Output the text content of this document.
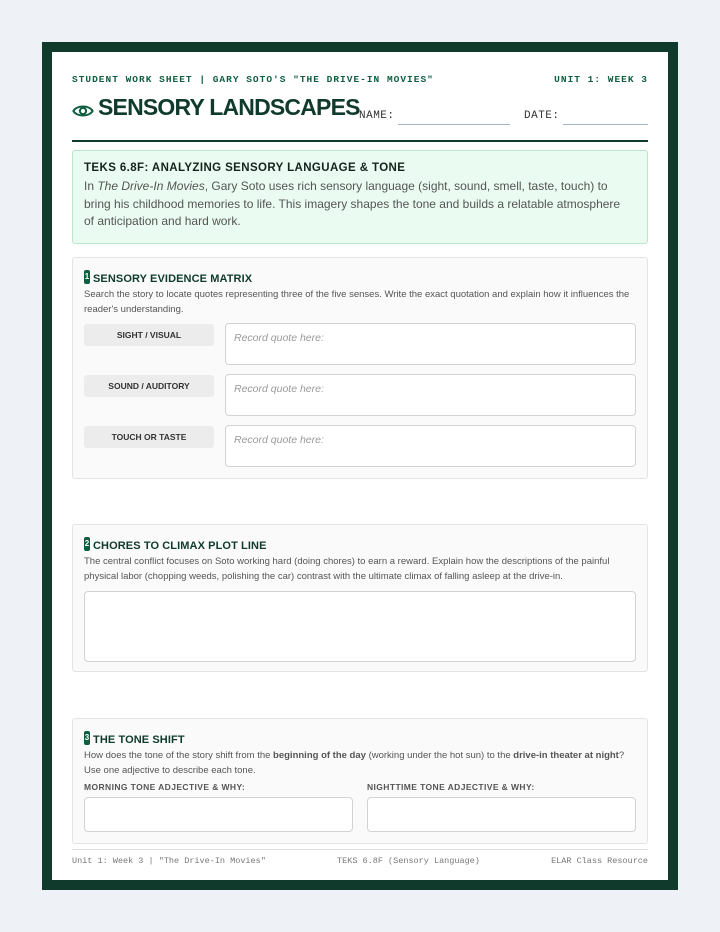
STUDENT WORK SHEET | GARY SOTO'S "THE DRIVE-IN MOVIES"	UNIT 1: WEEK 3
SENSORY LANDSCAPES NAME:	DATE:
TEKS 6.8F: ANALYZING SENSORY LANGUAGE & TONE
In The Drive-In Movies, Gary Soto uses rich sensory language (sight, sound, smell, taste, touch) to bring his childhood memories to life. This imagery shapes the tone and builds a relatable atmosphere of anticipation and hard work.
1 SENSORY EVIDENCE MATRIX
Search the story to locate quotes representing three of the five senses. Write the exact quotation and explain how it influences the reader's understanding.
SIGHT / VISUAL	Record quote here:
SOUND / AUDITORY	Record quote here:
TOUCH OR TASTE	Record quote here:
2 CHORES TO CLIMAX PLOT LINE
The central conflict focuses on Soto working hard (doing chores) to earn a reward. Explain how the descriptions of the painful physical labor (chopping weeds, polishing the car) contrast with the ultimate climax of falling asleep at the drive-in.
3 THE TONE SHIFT
How does the tone of the story shift from the beginning of the day (working under the hot sun) to the drive-in theater at night? Use one adjective to describe each tone.
MORNING TONE ADJECTIVE & WHY:	NIGHTTIME TONE ADJECTIVE & WHY:
Unit 1: Week 3 | "The Drive-In Movies"	TEKS 6.8F (Sensory Language)	ELAR Class Resource
